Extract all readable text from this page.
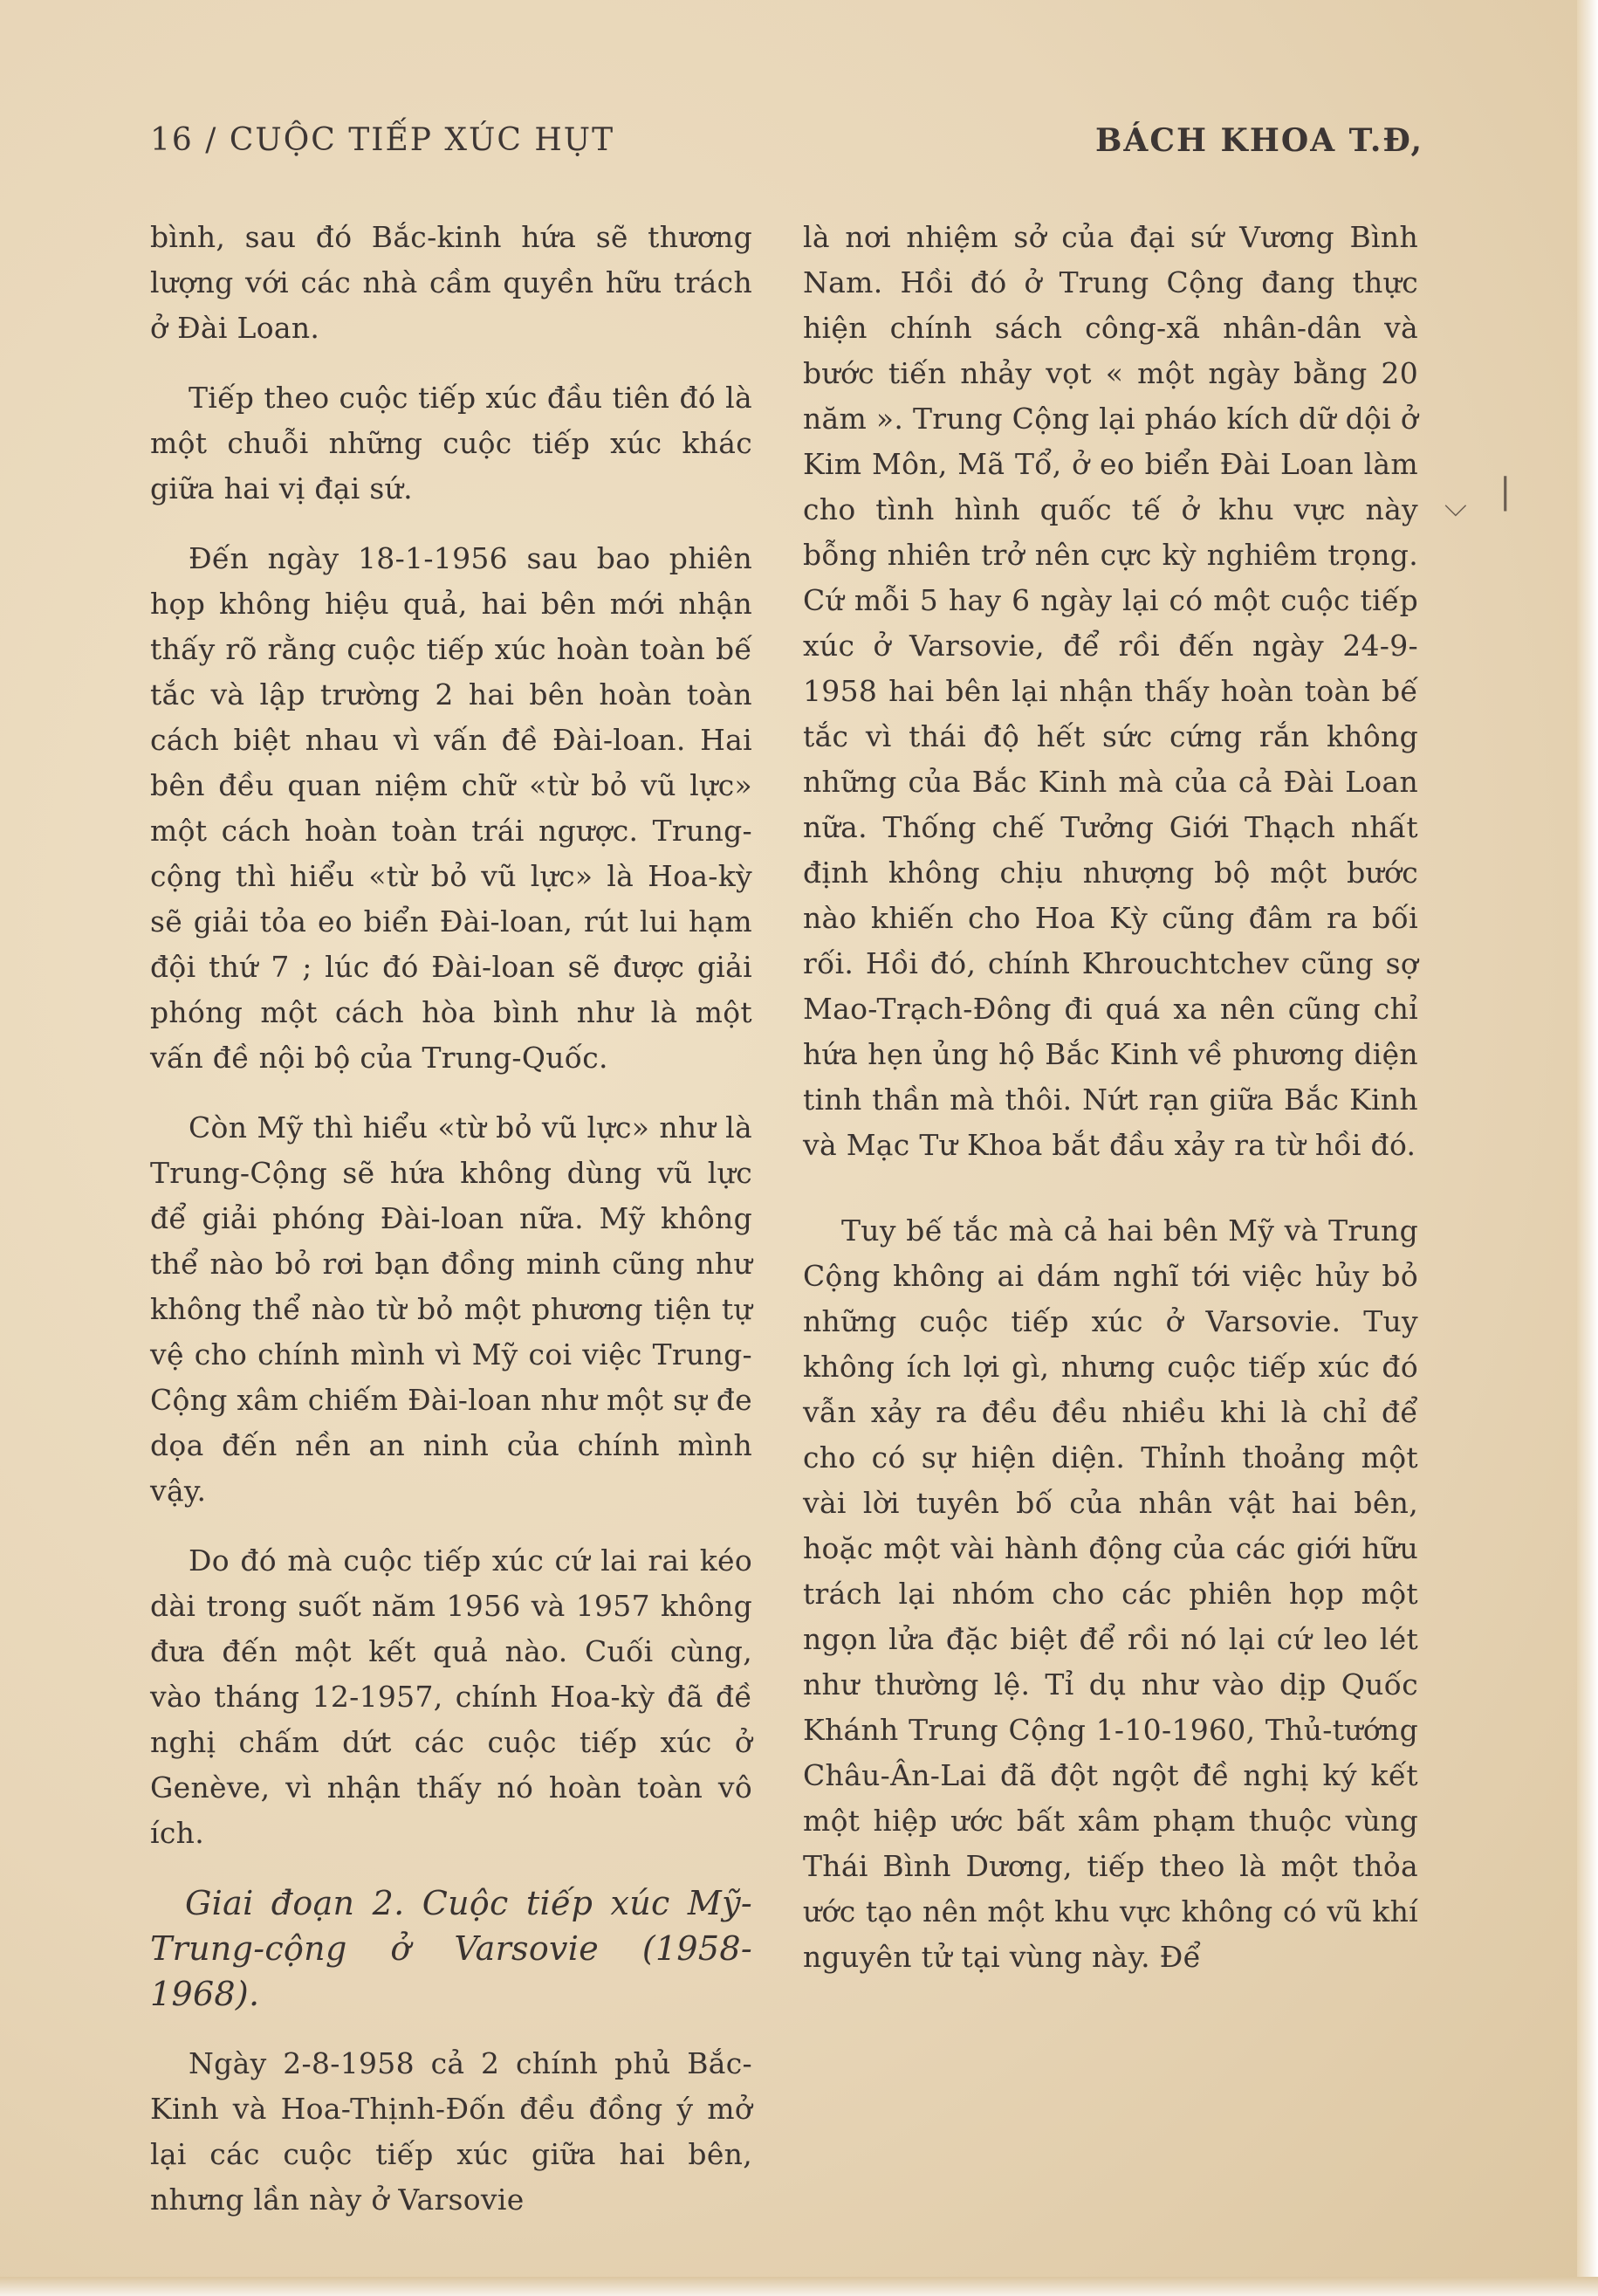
16 / CUỘC TIẾP XÚC HỤT	BÁCH KHOA T.Đ,

bình, sau đó Bắc-kinh hứa sẽ thương lượng với các nhà cầm quyền hữu trách ở Đài Loan.

Tiếp theo cuộc tiếp xúc đầu tiên đó là một chuỗi những cuộc tiếp xúc khác giữa hai vị đại sứ.

Đến ngày 18-1-1956 sau bao phiên họp không hiệu quả, hai bên mới nhận thấy rõ rằng cuộc tiếp xúc hoàn toàn bế tắc và lập trường 2 hai bên hoàn toàn cách biệt nhau vì vấn đề Đài-loan. Hai bên đều quan niệm chữ «từ bỏ vũ lực» một cách hoàn toàn trái ngược. Trung-cộng thì hiểu «từ bỏ vũ lực» là Hoa-kỳ sẽ giải tỏa eo biển Đài-loan, rút lui hạm đội thứ 7 ; lúc đó Đài-loan sẽ được giải phóng một cách hòa bình như là một vấn đề nội bộ của Trung-Quốc.

Còn Mỹ thì hiểu «từ bỏ vũ lực» như là Trung-Cộng sẽ hứa không dùng vũ lực để giải phóng Đài-loan nữa. Mỹ không thể nào bỏ rơi bạn đồng minh cũng như không thể nào từ bỏ một phương tiện tự vệ cho chính mình vì Mỹ coi việc Trung-Cộng xâm chiếm Đài-loan như một sự đe dọa đến nền an ninh của chính mình vậy.

Do đó mà cuộc tiếp xúc cứ lai rai kéo dài trong suốt năm 1956 và 1957 không đưa đến một kết quả nào. Cuối cùng, vào tháng 12-1957, chính Hoa-kỳ đã đề nghị chấm dứt các cuộc tiếp xúc ở Genève, vì nhận thấy nó hoàn toàn vô ích.

Giai đoạn 2. Cuộc tiếp xúc Mỹ-Trung-cộng ở Varsovie (1958-1968).

Ngày 2-8-1958 cả 2 chính phủ Bắc-Kinh và Hoa-Thịnh-Đốn đều đồng ý mở lại các cuộc tiếp xúc giữa hai bên, nhưng lần này ở Varsovie

là nơi nhiệm sở của đại sứ Vương Bình Nam. Hồi đó ở Trung Cộng đang thực hiện chính sách công-xã nhân-dân và bước tiến nhảy vọt « một ngày bằng 20 năm ». Trung Cộng lại pháo kích dữ dội ở Kim Môn, Mã Tổ, ở eo biển Đài Loan làm cho tình hình quốc tế ở khu vực này bỗng nhiên trở nên cực kỳ nghiêm trọng. Cứ mỗi 5 hay 6 ngày lại có một cuộc tiếp xúc ở Varsovie, để rồi đến ngày 24-9-1958 hai bên lại nhận thấy hoàn toàn bế tắc vì thái độ hết sức cứng rắn không những của Bắc Kinh mà của cả Đài Loan nữa. Thống chế Tưởng Giới Thạch nhất định không chịu nhượng bộ một bước nào khiến cho Hoa Kỳ cũng đâm ra bối rối. Hồi đó, chính Khrouchtchev cũng sợ Mao-Trạch-Đông đi quá xa nên cũng chỉ hứa hẹn ủng hộ Bắc Kinh về phương diện tinh thần mà thôi. Nứt rạn giữa Bắc Kinh và Mạc Tư Khoa bắt đầu xảy ra từ hồi đó.

Tuy bế tắc mà cả hai bên Mỹ và Trung Cộng không ai dám nghĩ tới việc hủy bỏ những cuộc tiếp xúc ở Varsovie. Tuy không ích lợi gì, nhưng cuộc tiếp xúc đó vẫn xảy ra đều đều nhiều khi là chỉ để cho có sự hiện diện. Thỉnh thoảng một vài lời tuyên bố của nhân vật hai bên, hoặc một vài hành động của các giới hữu trách lại nhóm cho các phiên họp một ngọn lửa đặc biệt để rồi nó lại cứ leo lét như thường lệ. Tỉ dụ như vào dịp Quốc Khánh Trung Cộng 1-10-1960, Thủ-tướng Châu-Ân-Lai đã đột ngột đề nghị ký kết một hiệp ước bất xâm phạm thuộc vùng Thái Bình Dương, tiếp theo là một thỏa ước tạo nên một khu vực không có vũ khí nguyên tử tại vùng này. Để

⌵ |
